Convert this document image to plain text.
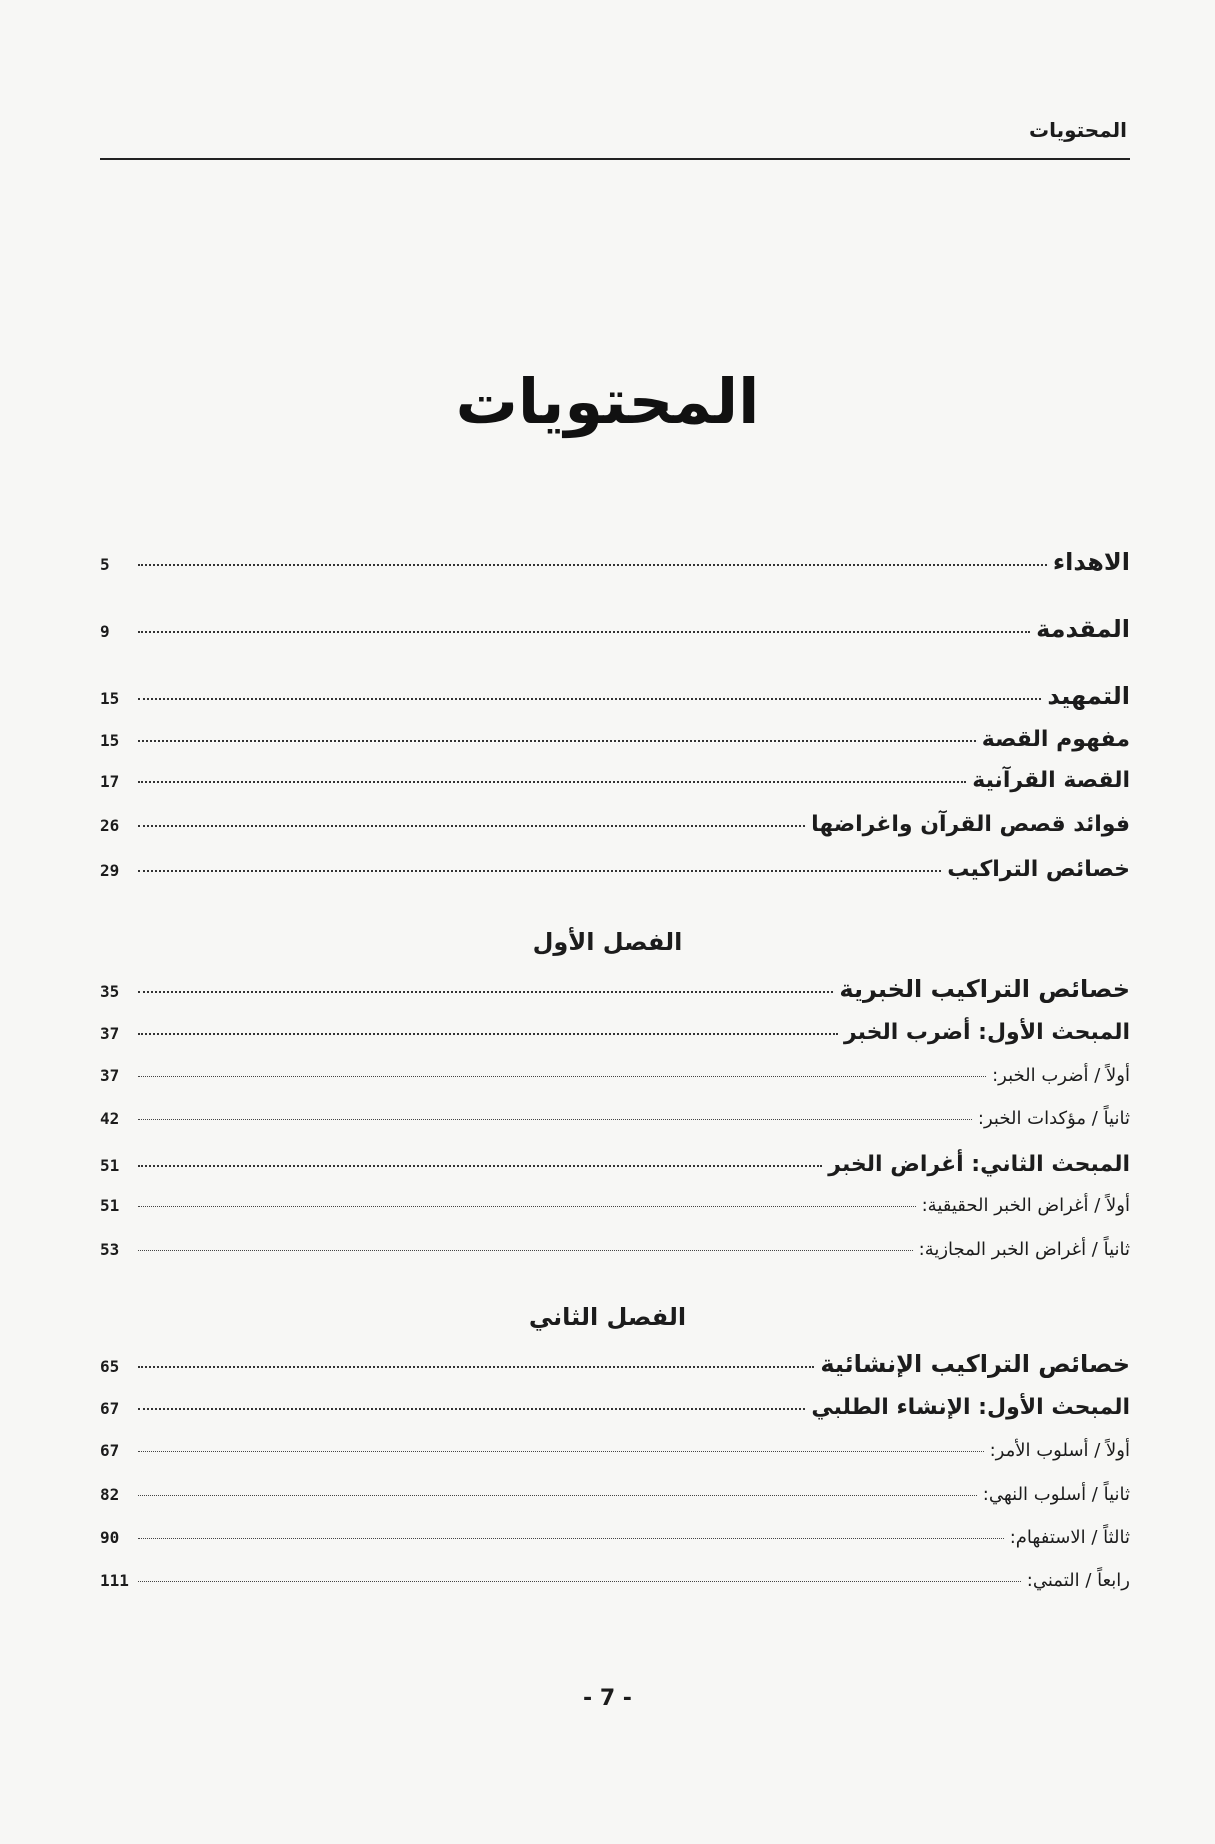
المحتويات
المحتويات
الاهداء
5
المقدمة
9
التمهيد
15
مفهوم القصة
15
القصة القرآنية
17
فوائد قصص القرآن واغراضها
26
خصائص التراكيب
29
الفصل الأول
خصائص التراكيب الخبرية
35
المبحث الأول: أضرب الخبر
37
أولاً / أضرب الخبر:
37
ثانياً / مؤكدات الخبر:
42
المبحث الثاني: أغراض الخبر
51
أولاً / أغراض الخبر الحقيقية:
51
ثانياً / أغراض الخبر المجازية:
53
الفصل الثاني
خصائص التراكيب الإنشائية
65
المبحث الأول: الإنشاء الطلبي
67
أولاً / أسلوب الأمر:
67
ثانياً / أسلوب النهي:
82
ثالثاً / الاستفهام:
90
رابعاً / التمني:
111
- 7 -
